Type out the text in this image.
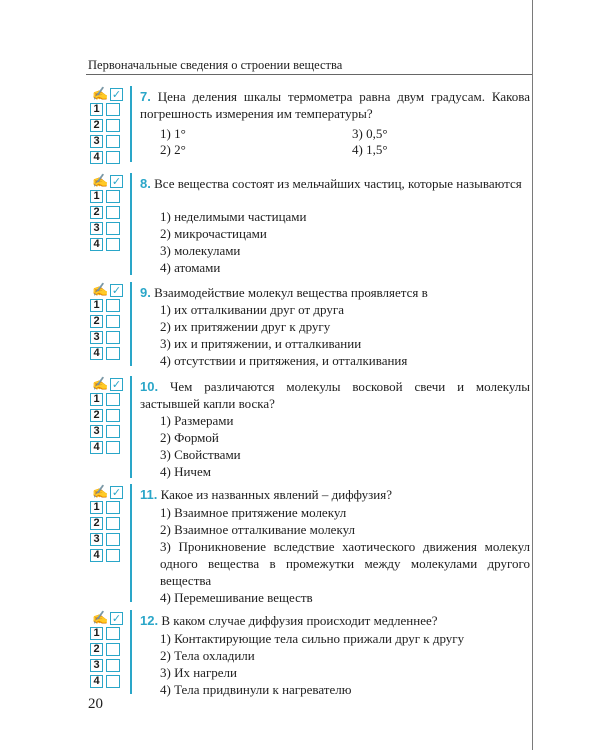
Первоначальные сведения о строении вещества
✍ ✓
1
2
3
4
7. Цена деления шкалы термометра равна двум градусам. Какова погрешность измерения им температуры?
1) 1°
2) 2°
3) 0,5°
4) 1,5°
✍ ✓
1
2
3
4
8. Все вещества состоят из мельчайших частиц, которые называются
1) неделимыми частицами
2) микрочастицами
3) молекулами
4) атомами
✍ ✓
1
2
3
4
9. Взаимодействие молекул вещества проявляется в
1) их отталкивании друг от друга
2) их притяжении друг к другу
3) их и притяжении, и отталкивании
4) отсутствии и притяжения, и отталкивания
✍ ✓
1
2
3
4
10. Чем различаются молекулы восковой свечи и молекулы застывшей капли воска?
1) Размерами
2) Формой
3) Свойствами
4) Ничем
✍ ✓
1
2
3
4
11. Какое из названных явлений – диффузия?
1) Взаимное притяжение молекул
2) Взаимное отталкивание молекул
3) Проникновение вследствие хаотического движения молекул одного вещества в промежутки между молекулами другого вещества
4) Перемешивание веществ
✍ ✓
1
2
3
4
12. В каком случае диффузия происходит медленнее?
1) Контактирующие тела сильно прижали друг к другу
2) Тела охладили
3) Их нагрели
4) Тела придвинули к нагревателю
20
